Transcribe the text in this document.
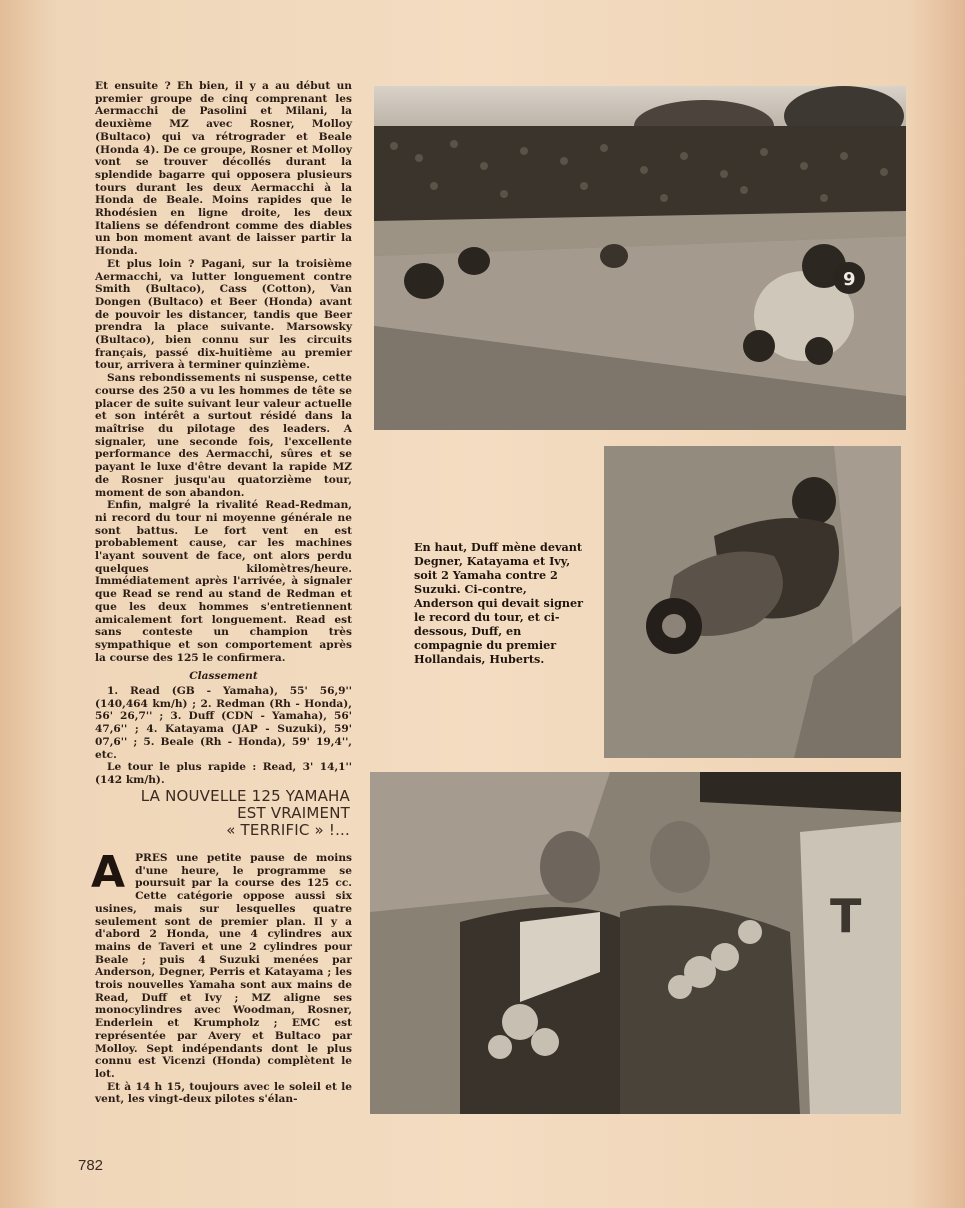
Et ensuite ? Eh bien, il y a au début un premier groupe de cinq comprenant les Aermacchi de Pasolini et Milani, la deuxième MZ avec Rosner, Molloy (Bultaco) qui va rétrograder et Beale (Honda 4). De ce groupe, Rosner et Molloy vont se trouver décollés durant la splendide bagarre qui opposera plusieurs tours durant les deux Aermacchi à la Honda de Beale. Moins rapides que le Rhodésien en ligne droite, les deux Italiens se défendront comme des diables un bon moment avant de laisser partir la Honda.

Et plus loin ? Pagani, sur la troisième Aermacchi, va lutter longuement contre Smith (Bultaco), Cass (Cotton), Van Dongen (Bultaco) et Beer (Honda) avant de pouvoir les distancer, tandis que Beer prendra la place suivante. Marsowsky (Bultaco), bien connu sur les circuits français, passé dix-huitième au premier tour, arrivera à terminer quinzième.

Sans rebondissements ni suspense, cette course des 250 a vu les hommes de tête se placer de suite suivant leur valeur actuelle et son intérêt a surtout résidé dans la maîtrise du pilotage des leaders. A signaler, une seconde fois, l'excellente performance des Aermacchi, sûres et se payant le luxe d'être devant la rapide MZ de Rosner jusqu'au quatorzième tour, moment de son abandon.

Enfin, malgré la rivalité Read-Redman, ni record du tour ni moyenne générale ne sont battus. Le fort vent en est probablement cause, car les machines l'ayant souvent de face, ont alors perdu quelques kilomètres/heure. Immédiatement après l'arrivée, à signaler que Read se rend au stand de Redman et que les deux hommes s'entretiennent amicalement fort longuement. Read est sans conteste un champion très sympathique et son comportement après la course des 125 le confirmera.

Classement

1. Read (GB - Yamaha), 55' 56,9'' (140,464 km/h) ; 2. Redman (Rh - Honda), 56' 26,7'' ; 3. Duff (CDN - Yamaha), 56' 47,6'' ; 4. Katayama (JAP - Suzuki), 59' 07,6'' ; 5. Beale (Rh - Honda), 59' 19,4'', etc.

Le tour le plus rapide : Read, 3' 14,1'' (142 km/h).

9
En haut, Duff mène devant Degner, Katayama et Ivy, soit 2 Yamaha contre 2 Suzuki. Ci-contre, Anderson qui devait signer le record du tour, et ci-dessous, Duff, en compagnie du premier Hollandais, Huberts.
LA NOUVELLE 125 YAMAHA
EST VRAIMENT
« TERRIFIC » !...

A PRES une petite pause de moins d'une heure, le programme se poursuit par la course des 125 cc. Cette catégorie oppose aussi six usines, mais sur lesquelles quatre seulement sont de premier plan. Il y a d'abord 2 Honda, une 4 cylindres aux mains de Taveri et une 2 cylindres pour Beale ; puis 4 Suzuki menées par Anderson, Degner, Perris et Katayama ; les trois nouvelles Yamaha sont aux mains de Read, Duff et Ivy ; MZ aligne ses monocylindres avec Woodman, Rosner, Enderlein et Krumpholz ; EMC est représentée par Avery et Bultaco par Molloy. Sept indépendants dont le plus connu est Vicenzi (Honda) complètent le lot.

Et à 14 h 15, toujours avec le soleil et le vent, les vingt-deux pilotes s'élan-

T
782
